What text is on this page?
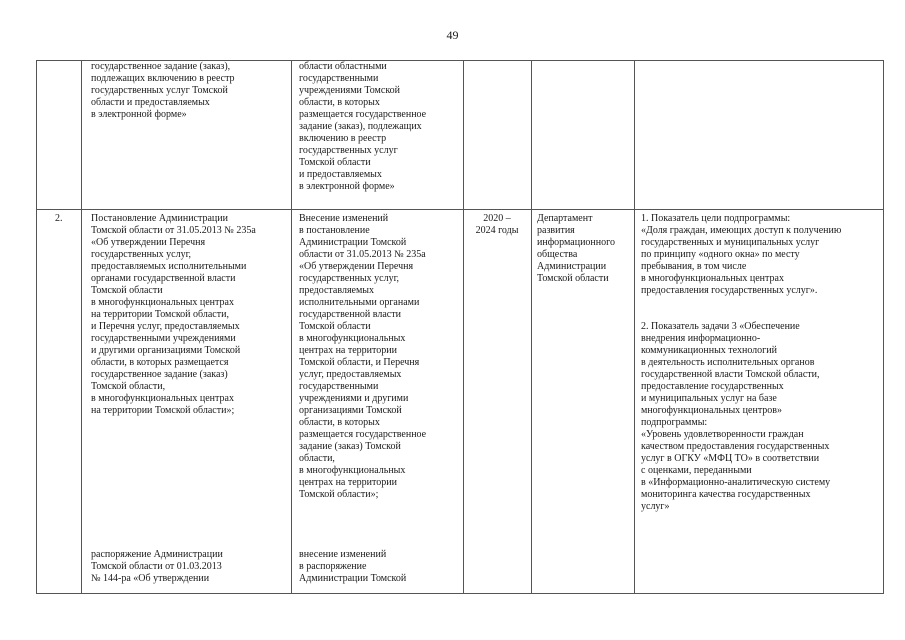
49
государственное задание (заказ),
подлежащих включению в реестр
государственных услуг Томской
области и предоставляемых
в электронной форме»
области областными
государственными
учреждениями Томской
области, в которых
размещается государственное
задание (заказ), подлежащих
включению в реестр
государственных услуг
Томской области
и предоставляемых
в электронной форме»
2.	Постановление Администрации
Томской области от 31.05.2013 № 235а
«Об утверждении Перечня
государственных услуг,
предоставляемых исполнительными
органами государственной власти
Томской области
в многофункциональных центрах
на территории Томской области,
и Перечня услуг, предоставляемых
государственными учреждениями
и другими организациями Томской
области, в которых размещается
государственное задание (заказ)
Томской области,
в многофункциональных центрах
на территории Томской области»;
распоряжение Администрации
Томской области от 01.03.2013
№ 144-ра «Об утверждении
Внесение изменений
в постановление
Администрации Томской
области от 31.05.2013 № 235а
«Об утверждении Перечня
государственных услуг,
предоставляемых
исполнительными органами
государственной власти
Томской области
в многофункциональных
центрах на территории
Томской области, и Перечня
услуг, предоставляемых
государственными
учреждениями и другими
организациями Томской
области, в которых
размещается государственное
задание (заказ) Томской
области,
в многофункциональных
центрах на территории
Томской области»;
внесение изменений
в распоряжение
Администрации Томской
2020 –
2024 годы
Департамент
развития
информационного
общества
Администрации
Томской области
1. Показатель цели подпрограммы:
«Доля граждан, имеющих доступ к получению
государственных и муниципальных услуг
по принципу «одного окна» по месту
пребывания, в том числе
в многофункциональных центрах
предоставления государственных услуг».
2. Показатель задачи 3 «Обеспечение
внедрения информационно-
коммуникационных технологий
в деятельность исполнительных органов
государственной власти Томской области,
предоставление государственных
и муниципальных услуг на базе
многофункциональных центров»
подпрограммы:
«Уровень удовлетворенности граждан
качеством предоставления государственных
услуг в ОГКУ «МФЦ ТО» в соответствии
с оценками, переданными
в «Информационно-аналитическую систему
мониторинга качества государственных
услуг»
